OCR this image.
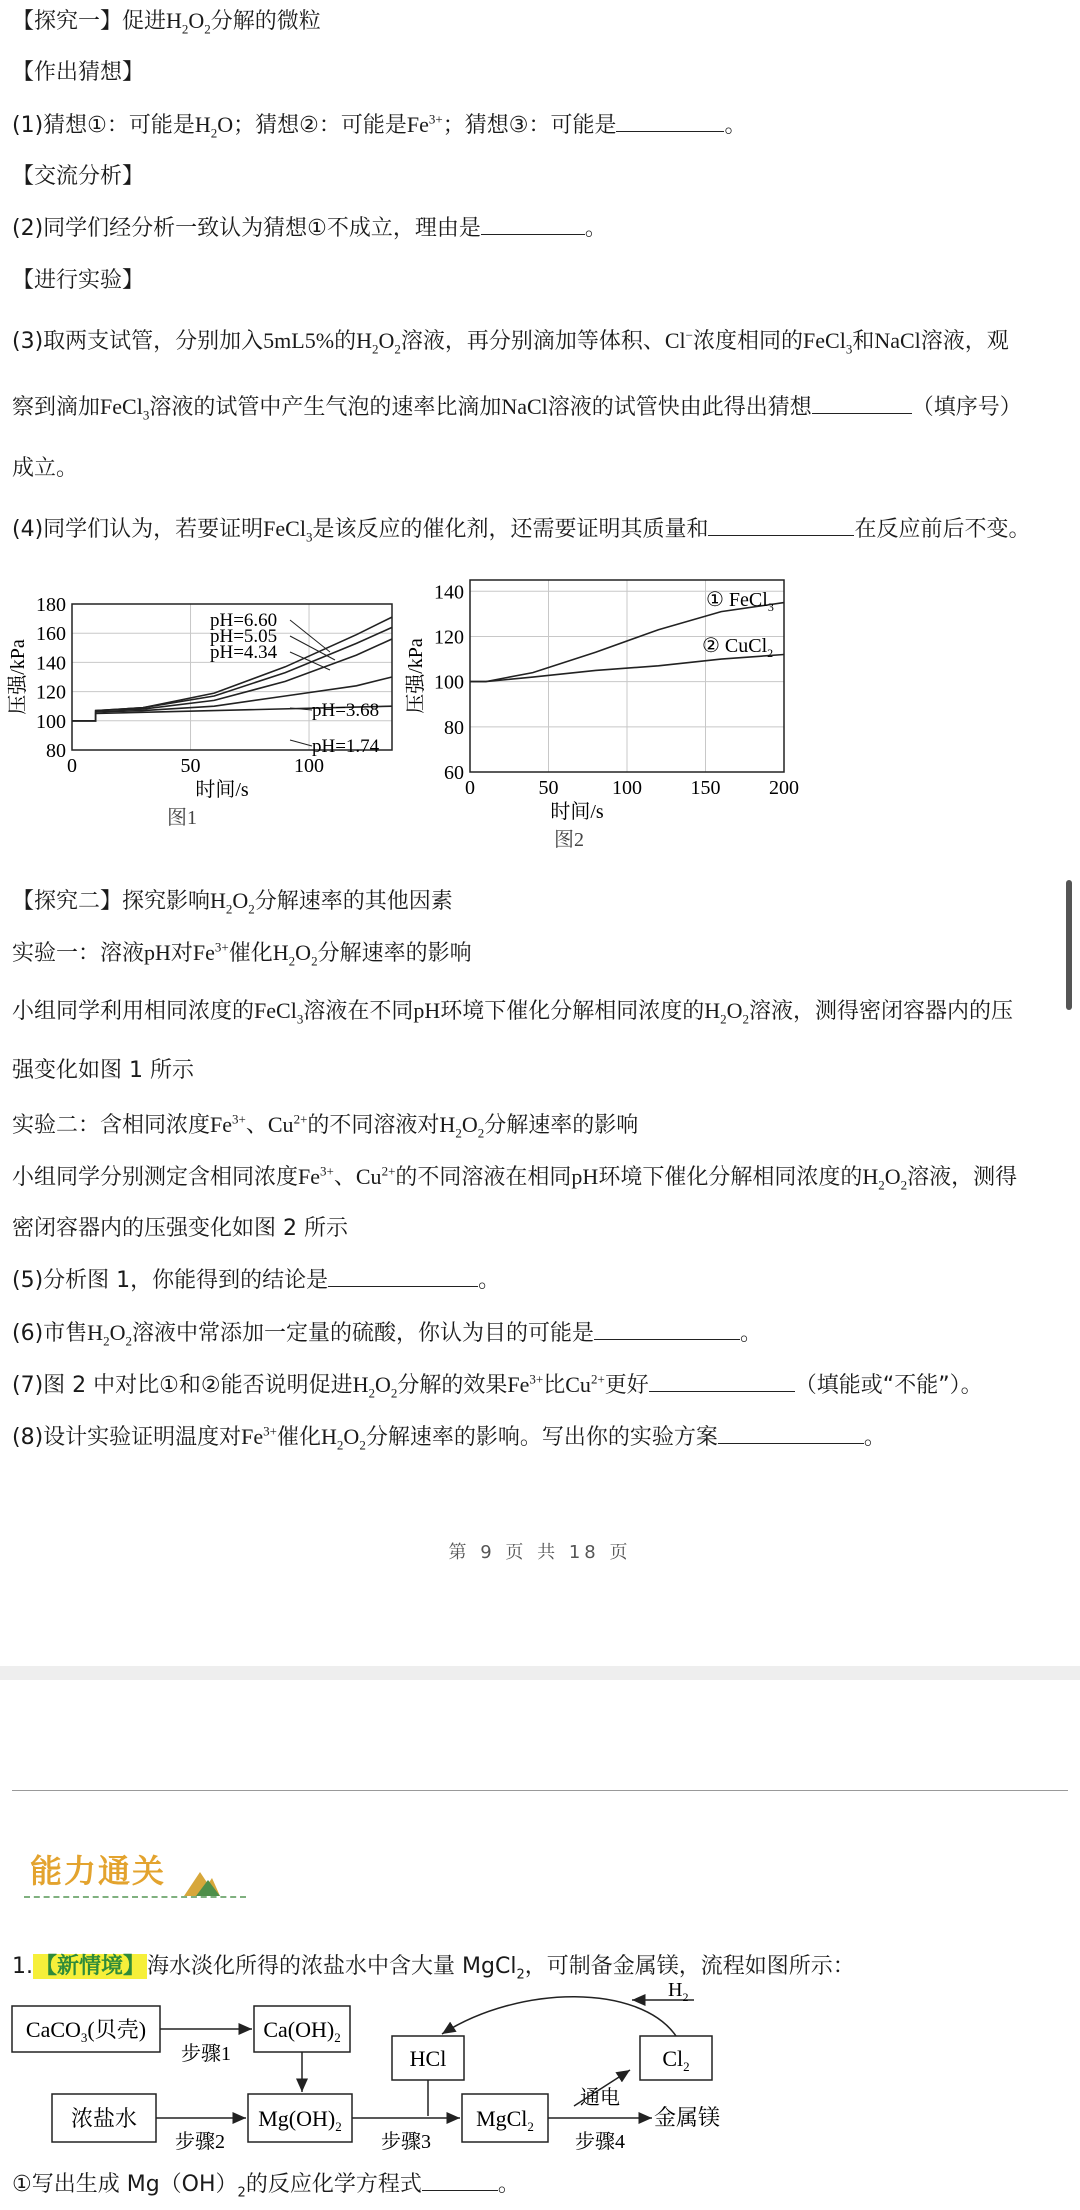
【探究一】促进$H_2O_2$分解的微粒
【作出猜想】
(1)猜想①：可能是$H_2O$；猜想②：可能是$Fe^{3+}$；猜想③：可能是	。
【交流分析】
(2)同学们经分析一致认为猜想①不成立，理由是	。
【进行实验】
(3)取两支试管，分别加入5mL5%的$H_2O_2$溶液，再分别滴加等体积、Cl−浓度相同的FeCl$_3$和NaCl溶液，观
察到滴加FeCl$_3$溶液的试管中产生气泡的速率比滴加NaCl溶液的试管快由此得出猜想	（填序号）
成立。
(4)同学们认为，若要证明FeCl$_3$是该反应的催化剂，还需要证明其质量和	在反应前后不变。
80
100
120
140
160
180
0	50	100
时间/s
压强/kPa
图1
pH=6.60
pH=5.05
pH=4.34
pH=3.68
pH=1.74
60
80
100
120
140
0	50	100 150 200
时间/s
压强/kPa
图2
① FeCl$_3$
② CuCl$_2$
【探究二】探究影响$H_2O_2$分解速率的其他因素
实验一：溶液pH对$Fe^{3+}$催化$H_2O_2$分解速率的影响
小组同学利用相同浓度的FeCl$_3$溶液在不同pH环境下催化分解相同浓度的$H_2O_2$溶液，测得密闭容器内的压
强变化如图 1 所示
实验二：含相同浓度$Fe^{3+}$、$Cu^{2+}$的不同溶液对$H_2O_2$分解速率的影响
小组同学分别测定含相同浓度$Fe^{3+}$、$Cu^{2+}$的不同溶液在相同pH环境下催化分解相同浓度的$H_2O_2$溶液，测得
密闭容器内的压强变化如图 2 所示
(5)分析图 1，你能得到的结论是	。
(6)市售$H_2O_2$溶液中常添加一定量的硫酸，你认为目的可能是	。
(7)图 2 中对比①和②能否说明促进$H_2O_2$分解的效果$Fe^{3+}$比$Cu^{2+}$更好	（填能或“不能”）。
(8)设计实验证明温度对$Fe^{3+}$催化$H_2O_2$分解速率的影响。写出你的实验方案	。
第 9 页 共 18 页
能力通关
1.【新情境】海水淡化所得的浓盐水中含大量 MgCl$_2$，可制备金属镁，流程如图所示：
CaCO$_3$(贝壳)	$Ca(OH)_2$
浓盐水	$Mg(OH)_2$
HCl
MgCl$_2$
$Cl_2$
步骤1
步骤2	步骤3
通电
步骤4
金属镁
$H_2$
①写出生成 $Mg(OH)_2$的反应化学方程式	。
